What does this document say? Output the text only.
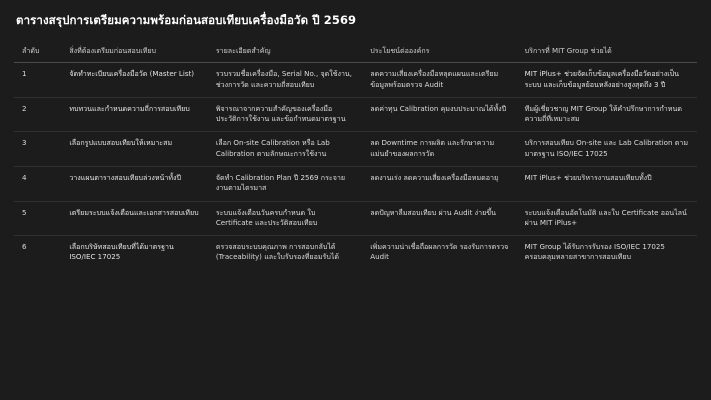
ตารางสรุปการเตรียมความพร้อมก่อนสอบเทียบเครื่องมือวัด ปี 2569
ลำดับ	สิ่งที่ต้องเตรียมก่อนสอบเทียบ	รายละเอียดสำคัญ	ประโยชน์ต่อองค์กร	บริการที่ MIT Group ช่วยได้
1	จัดทำทะเบียนเครื่องมือวัด (Master List)	รวบรวมชื่อเครื่องมือ, Serial No., จุดใช้งาน, ช่วงการวัด และความถี่สอบเทียบ	ลดความเสี่ยงเครื่องมือหลุดแผนและเตรียมข้อมูลพร้อมตรวจ Audit	MIT iPlus+ ช่วยจัดเก็บข้อมูลเครื่องมือวัดอย่างเป็นระบบ และเก็บข้อมูลย้อนหลังอย่างสูงสุดถึง 3 ปี
2	ทบทวนและกำหนดความถี่การสอบเทียบ	พิจารณาจากความสำคัญของเครื่องมือ ประวัติการใช้งาน และข้อกำหนดมาตรฐาน	ลดค่าทุน Calibration คุมงบประมาณได้ทั้งปี	ทีมผู้เชี่ยวชาญ MIT Group ให้คำปรึกษาการกำหนดความถี่ที่เหมาะสม
3	เลือกรูปแบบสอบเทียบให้เหมาะสม	เลือก On-site Calibration หรือ Lab Calibration ตามลักษณะการใช้งาน	ลด Downtime การผลิต และรักษาความแม่นยำของผลการวัด	บริการสอบเทียบ On-site และ Lab Calibration ตามมาตรฐาน ISO/IEC 17025
4	วางแผนตารางสอบเทียบล่วงหน้าทั้งปี	จัดทำ Calibration Plan ปี 2569 กระจายงานตามไตรมาส	ลดงานเร่ง ลดความเสี่ยงเครื่องมือหมดอายุ	MIT iPlus+ ช่วยบริหารงานสอบเทียบทั้งปี
5	เตรียมระบบแจ้งเตือนและเอกสารสอบเทียบ	ระบบแจ้งเตือนวันครบกำหนด ใบ Certificate และประวัติสอบเทียบ	ลดปัญหาลืมสอบเทียบ ผ่าน Audit ง่ายขึ้น	ระบบแจ้งเตือนอัตโนมัติ และใบ Certificate ออนไลน์ผ่าน MIT iPlus+
6	เลือกบริษัทสอบเทียบที่ได้มาตรฐาน ISO/IEC 17025	ตรวจสอบระบบคุณภาพ การสอบกลับได้ (Traceability) และใบรับรองที่ยอมรับได้	เพิ่มความน่าเชื่อถือผลการวัด รองรับการตรวจ Audit	MIT Group ได้รับการรับรอง ISO/IEC 17025 ครอบคลุมหลายสาขาการสอบเทียบ
